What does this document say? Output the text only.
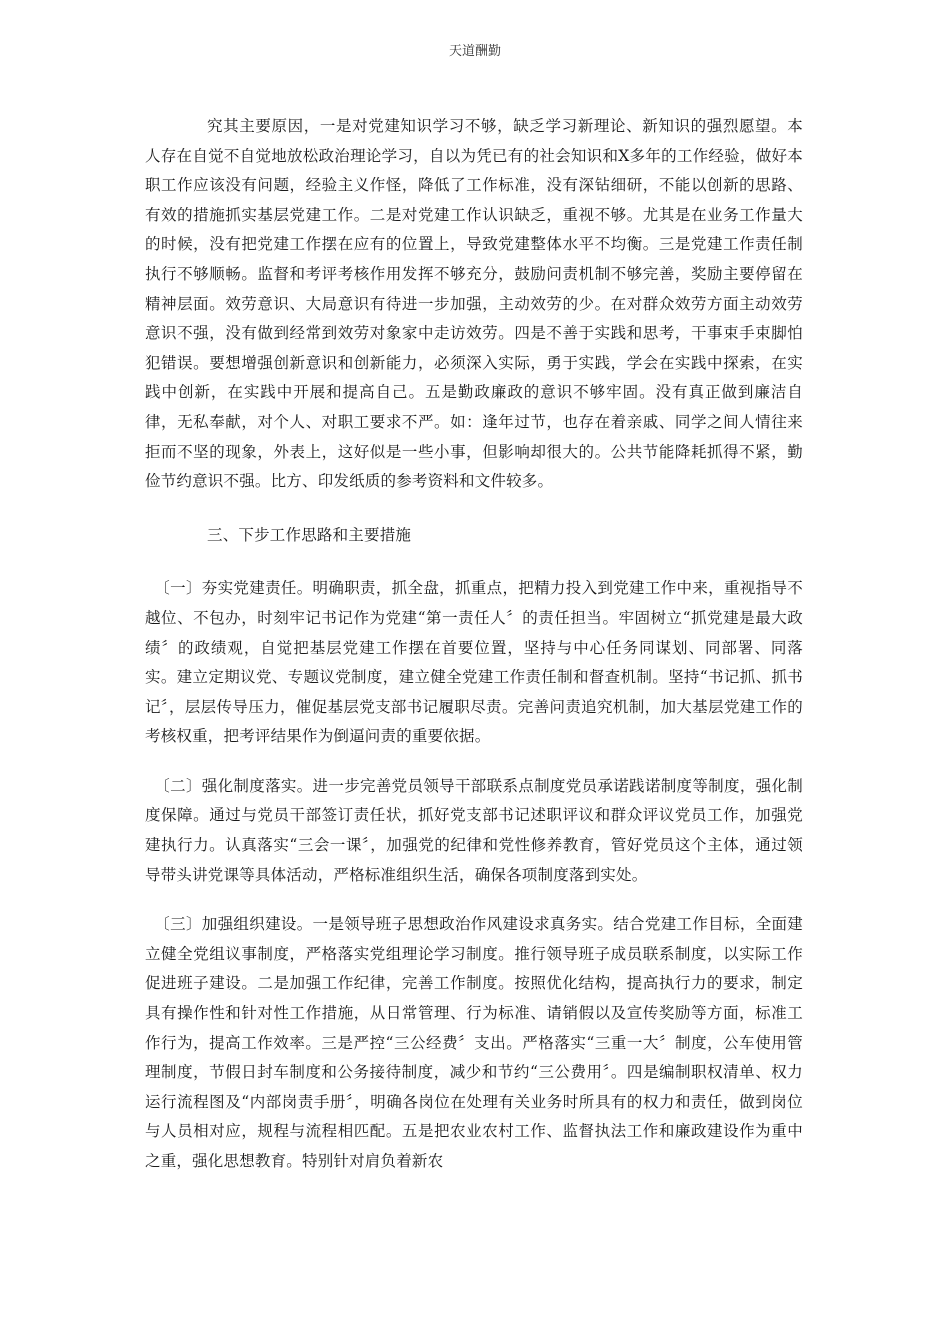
天道酬勤

究其主要原因，一是对党建知识学习不够，缺乏学习新理论、新知识的强烈愿望。本人存在自觉不自觉地放松政治理论学习，自以为凭已有的社会知识和X多年的工作经验，做好本职工作应该没有问题，经验主义作怪，降低了工作标准，没有深钻细研，不能以创新的思路、有效的措施抓实基层党建工作。二是对党建工作认识缺乏，重视不够。尤其是在业务工作量大的时候，没有把党建工作摆在应有的位置上，导致党建整体水平不均衡。三是党建工作责任制执行不够顺畅。监督和考评考核作用发挥不够充分，鼓励问责机制不够完善，奖励主要停留在精神层面。效劳意识、大局意识有待进一步加强，主动效劳的少。在对群众效劳方面主动效劳意识不强，没有做到经常到效劳对象家中走访效劳。四是不善于实践和思考，干事束手束脚怕犯错误。要想增强创新意识和创新能力，必须深入实际，勇于实践，学会在实践中探索，在实践中创新，在实践中开展和提高自己。五是勤政廉政的意识不够牢固。没有真正做到廉洁自律，无私奉献，对个人、对职工要求不严。如：逢年过节，也存在着亲戚、同学之间人情往来拒而不坚的现象，外表上，这好似是一些小事，但影响却很大的。公共节能降耗抓得不紧，勤俭节约意识不强。比方、印发纸质的参考资料和文件较多。

三、下步工作思路和主要措施

〔一〕夯实党建责任。明确职责，抓全盘，抓重点，把精力投入到党建工作中来，重视指导不越位、不包办，时刻牢记书记作为党建“第一责任人〞的责任担当。牢固树立“抓党建是最大政绩〞的政绩观，自觉把基层党建工作摆在首要位置，坚持与中心任务同谋划、同部署、同落实。建立定期议党、专题议党制度，建立健全党建工作责任制和督查机制。坚持“书记抓、抓书记〞，层层传导压力，催促基层党支部书记履职尽责。完善问责追究机制，加大基层党建工作的考核权重，把考评结果作为倒逼问责的重要依据。

〔二〕强化制度落实。进一步完善党员领导干部联系点制度党员承诺践诺制度等制度，强化制度保障。通过与党员干部签订责任状，抓好党支部书记述职评议和群众评议党员工作，加强党建执行力。认真落实“三会一课〞，加强党的纪律和党性修养教育，管好党员这个主体，通过领导带头讲党课等具体活动，严格标准组织生活，确保各项制度落到实处。

〔三〕加强组织建设。一是领导班子思想政治作风建设求真务实。结合党建工作目标，全面建立健全党组议事制度，严格落实党组理论学习制度。推行领导班子成员联系制度，以实际工作促进班子建设。二是加强工作纪律，完善工作制度。按照优化结构，提高执行力的要求，制定具有操作性和针对性工作措施，从日常管理、行为标准、请销假以及宣传奖励等方面，标准工作行为，提高工作效率。三是严控“三公经费〞支出。严格落实“三重一大〞制度，公车使用管理制度，节假日封车制度和公务接待制度，减少和节约“三公费用〞。四是编制职权清单、权力运行流程图及“内部岗责手册〞，明确各岗位在处理有关业务时所具有的权力和责任，做到岗位与人员相对应，规程与流程相匹配。五是把农业农村工作、监督执法工作和廉政建设作为重中之重，强化思想教育。特别针对肩负着新农
